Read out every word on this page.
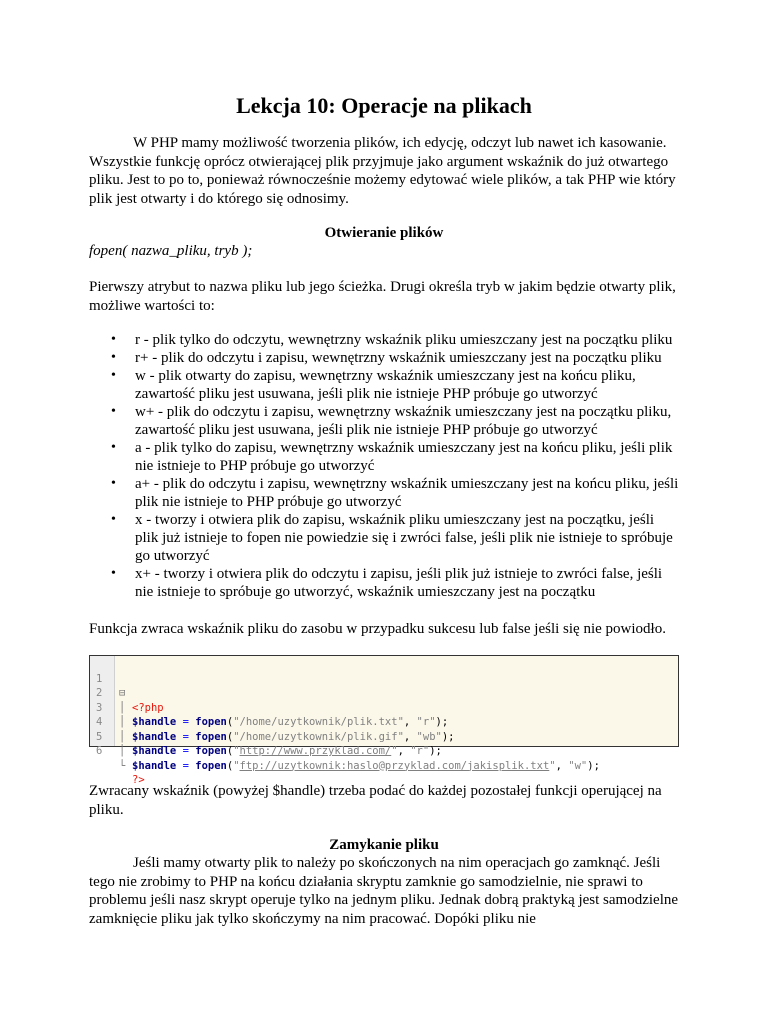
Lekcja 10: Operacje na plikach
W PHP mamy możliwość tworzenia plików, ich edycję, odczyt lub nawet ich kasowanie. Wszystkie funkcję oprócz otwierającej plik przyjmuje jako argument wskaźnik do już otwartego pliku. Jest to po to, ponieważ równocześnie możemy edytować wiele plików, a tak PHP wie który plik jest otwarty i do którego się odnosimy.
Otwieranie plików
fopen( nazwa_pliku, tryb );
Pierwszy atrybut to nazwa pliku lub jego ścieżka. Drugi określa tryb w jakim będzie otwarty plik, możliwe wartości to:
• r - plik tylko do odczytu, wewnętrzny wskaźnik pliku umieszczany jest na początku pliku
• r+ - plik do odczytu i zapisu, wewnętrzny wskaźnik umieszczany jest na początku pliku
• w - plik otwarty do zapisu, wewnętrzny wskaźnik umieszczany jest na końcu pliku, zawartość pliku jest usuwana, jeśli plik nie istnieje PHP próbuje go utworzyć
• w+ - plik do odczytu i zapisu, wewnętrzny wskaźnik umieszczany jest na początku pliku, zawartość pliku jest usuwana, jeśli plik nie istnieje PHP próbuje go utworzyć
• a - plik tylko do zapisu, wewnętrzny wskaźnik umieszczany jest na końcu pliku, jeśli plik nie istnieje to PHP próbuje go utworzyć
• a+ - plik do odczytu i zapisu, wewnętrzny wskaźnik umieszczany jest na końcu pliku, jeśli plik nie istnieje to PHP próbuje go utworzyć
• x - tworzy i otwiera plik do zapisu, wskaźnik pliku umieszczany jest na początku, jeśli plik już istnieje to fopen nie powiedzie się i zwróci false, jeśli plik nie istnieje to spróbuje go utworzyć
• x+ - tworzy i otwiera plik do odczytu i zapisu, jeśli plik już istnieje to zwróci false, jeśli nie istnieje to spróbuje go utworzyć, wskaźnik umieszczany jest na początku
Funkcja zwraca wskaźnik pliku do zasobu w przypadku sukcesu lub false jeśli się nie powiodło.

1

⊟

<?php

2

│

$handle = fopen("/home/uzytkownik/plik.txt", "r");

3

│

$handle = fopen("/home/uzytkownik/plik.gif", "wb");

4

│

$handle = fopen("http://www.przyklad.com/", "r");

5

│

$handle = fopen("ftp://uzytkownik:haslo@przyklad.com/jakisplik.txt", "w");

6

└

?>

Zwracany wskaźnik (powyżej $handle) trzeba podać do każdej pozostałej funkcji operującej na pliku.
Zamykanie pliku
Jeśli mamy otwarty plik to należy po skończonych na nim operacjach go zamknąć. Jeśli tego nie zrobimy to PHP na końcu działania skryptu zamknie go samodzielnie, nie sprawi to problemu jeśli nasz skrypt operuje tylko na jednym pliku. Jednak dobrą praktyką jest samodzielne zamknięcie pliku jak tylko skończymy na nim pracować. Dopóki pliku nie
